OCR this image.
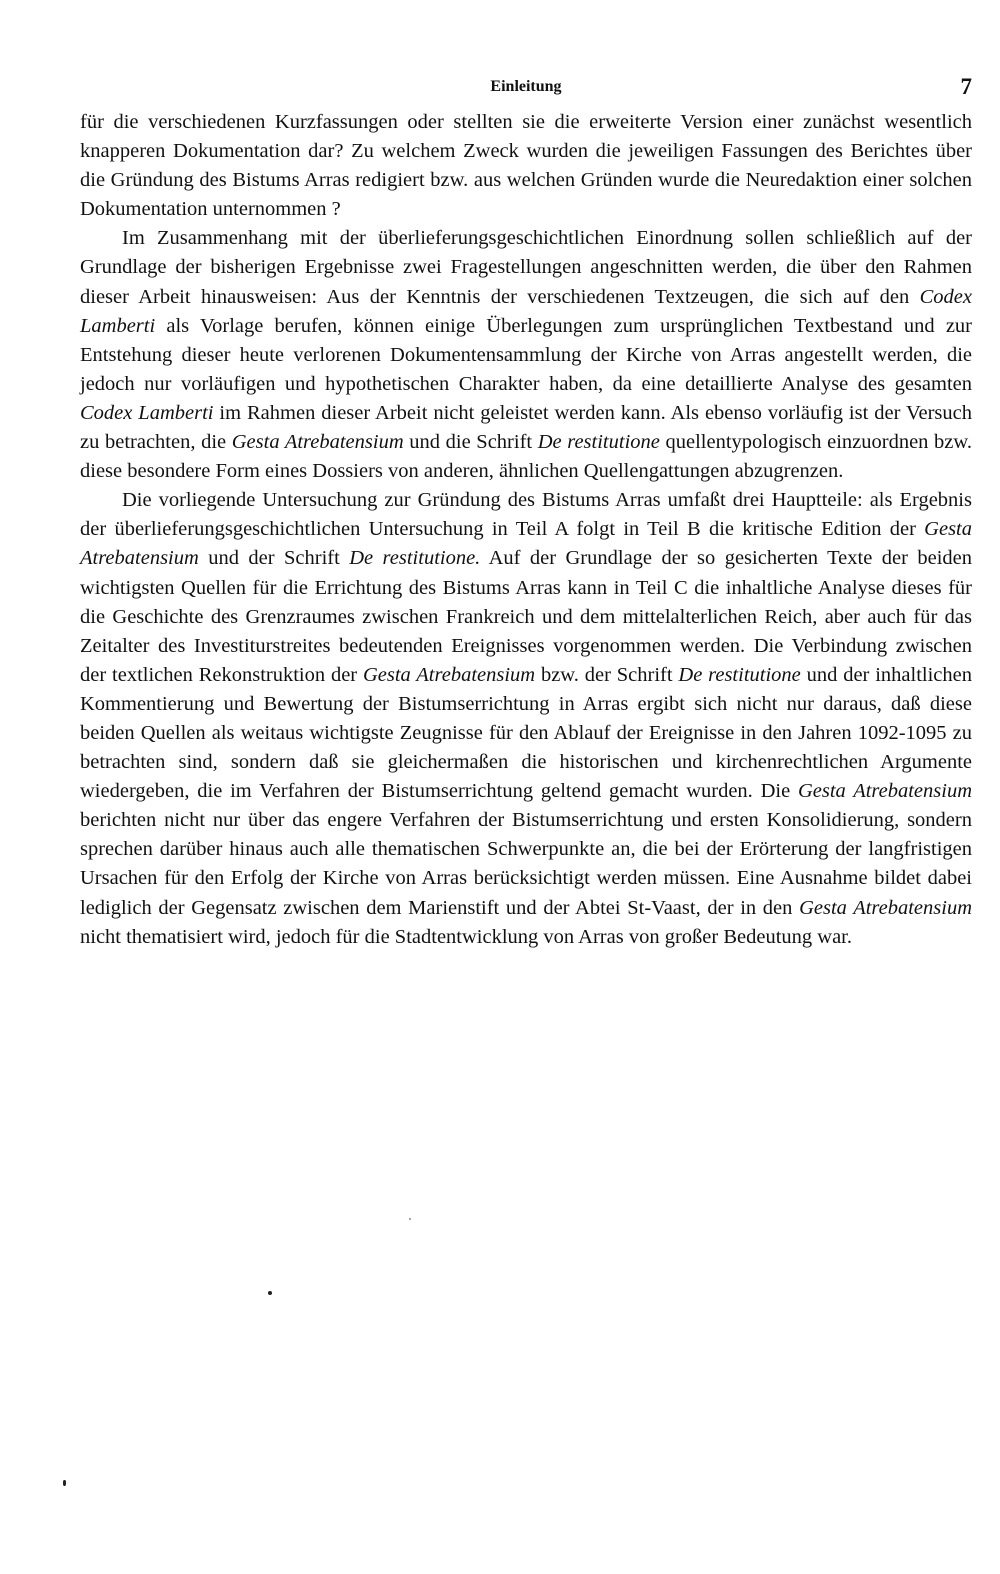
Einleitung	7

für die verschiedenen Kurzfassungen oder stellten sie die erweiterte Version einer zunächst wesentlich knapperen Dokumentation dar? Zu welchem Zweck wurden die jeweiligen Fassungen des Berichtes über die Gründung des Bistums Arras redigiert bzw. aus welchen Gründen wurde die Neuredaktion einer solchen Dokumentation unternommen ?

Im Zusammenhang mit der überlieferungsgeschichtlichen Einordnung sollen schließlich auf der Grundlage der bisherigen Ergebnisse zwei Fragestellungen angeschnitten werden, die über den Rahmen dieser Arbeit hinausweisen: Aus der Kenntnis der verschiedenen Textzeugen, die sich auf den Codex Lamberti als Vorlage berufen, können einige Überlegungen zum ursprünglichen Textbestand und zur Entstehung dieser heute verlorenen Dokumentensammlung der Kirche von Arras angestellt werden, die jedoch nur vorläufigen und hypothetischen Charakter haben, da eine detaillierte Analyse des gesamten Codex Lamberti im Rahmen dieser Arbeit nicht geleistet werden kann. Als ebenso vorläufig ist der Versuch zu betrachten, die Gesta Atrebatensium und die Schrift De restitutione quellentypologisch einzuordnen bzw. diese besondere Form eines Dossiers von anderen, ähnlichen Quellengattungen abzugrenzen.

Die vorliegende Untersuchung zur Gründung des Bistums Arras umfaßt drei Hauptteile: als Ergebnis der überlieferungsgeschichtlichen Untersuchung in Teil A folgt in Teil B die kritische Edition der Gesta Atrebatensium und der Schrift De restitutione. Auf der Grundlage der so gesicherten Texte der beiden wichtigsten Quellen für die Errichtung des Bistums Arras kann in Teil C die inhaltliche Analyse dieses für die Geschichte des Grenzraumes zwischen Frankreich und dem mittelalterlichen Reich, aber auch für das Zeitalter des Investiturstreites bedeutenden Ereignisses vorgenommen werden. Die Verbindung zwischen der textlichen Rekonstruktion der Gesta Atrebatensium bzw. der Schrift De restitutione und der inhaltlichen Kommentierung und Bewertung der Bistumserrichtung in Arras ergibt sich nicht nur daraus, daß diese beiden Quellen als weitaus wichtigste Zeugnisse für den Ablauf der Ereignisse in den Jahren 1092-1095 zu betrachten sind, sondern daß sie gleichermaßen die historischen und kirchenrechtlichen Argumente wiedergeben, die im Verfahren der Bistumserrichtung geltend gemacht wurden. Die Gesta Atrebatensium berichten nicht nur über das engere Verfahren der Bistumserrichtung und ersten Konsolidierung, sondern sprechen darüber hinaus auch alle thematischen Schwerpunkte an, die bei der Erörterung der langfristigen Ursachen für den Erfolg der Kirche von Arras berücksichtigt werden müssen. Eine Ausnahme bildet dabei lediglich der Gegensatz zwischen dem Marienstift und der Abtei St-Vaast, der in den Gesta Atrebatensium nicht thematisiert wird, jedoch für die Stadtentwicklung von Arras von großer Bedeutung war.
